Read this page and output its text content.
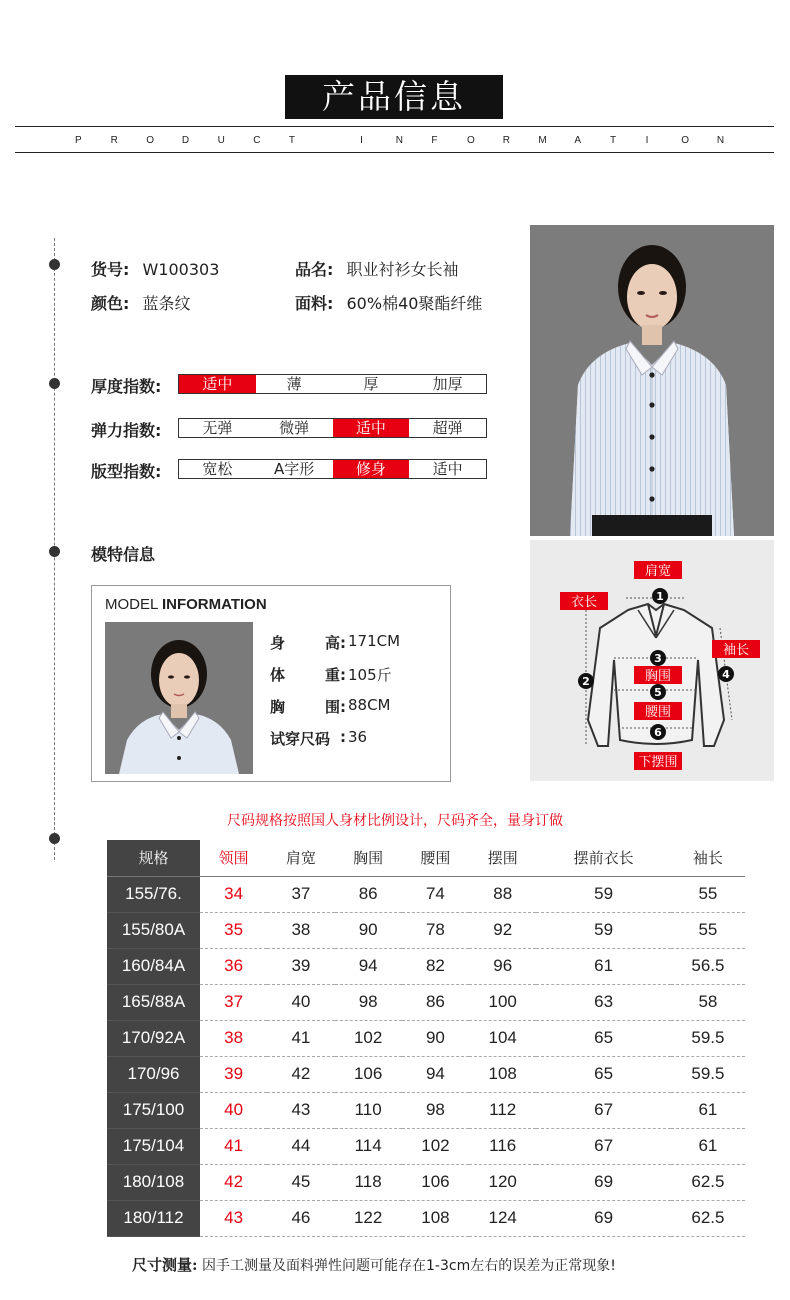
产品信息
P	R	O	D	U	C	T	I	N	F	O	R	M	A	T	I	O	N
货号: W100303	品名: 职业衬衫女长袖
颜色: 蓝条纹	面料: 60%棉40聚酯纤维
厚度指数:	适中	薄	厚	加厚
弹力指数:	无弹	微弹	适中	超弹
版型指数:	宽松	A字形	修身	适中
1
2
3
4
5
6
肩宽
衣长
袖长
胸围
腰围
下摆围
模特信息
MODEL INFORMATION
身	高: 171CM
体	重: 105斤
胸	围: 88CM
试穿尺码 : 36
尺码规格按照国人身材比例设计，尺码齐全，量身订做
规格	领围	肩宽	胸围	腰围	摆围	摆前衣长	袖长
155/76.	34	37	86	74	88	59	55
155/80A	35	38	90	78	92	59	55
160/84A	36	39	94	82	96	61	56.5
165/88A	37	40	98	86	100	63	58
170/92A	38	41	102	90	104	65	59.5
170/96	39	42	106	94	108	65	59.5
175/100	40	43	110	98	112	67	61
175/104	41	44	114	102	116	67	61
180/108	42	45	118	106	120	69	62.5
180/112	43	46	122	108	124	69	62.5
尺寸测量: 因手工测量及面料弹性问题可能存在1-3cm左右的误差为正常现象!
